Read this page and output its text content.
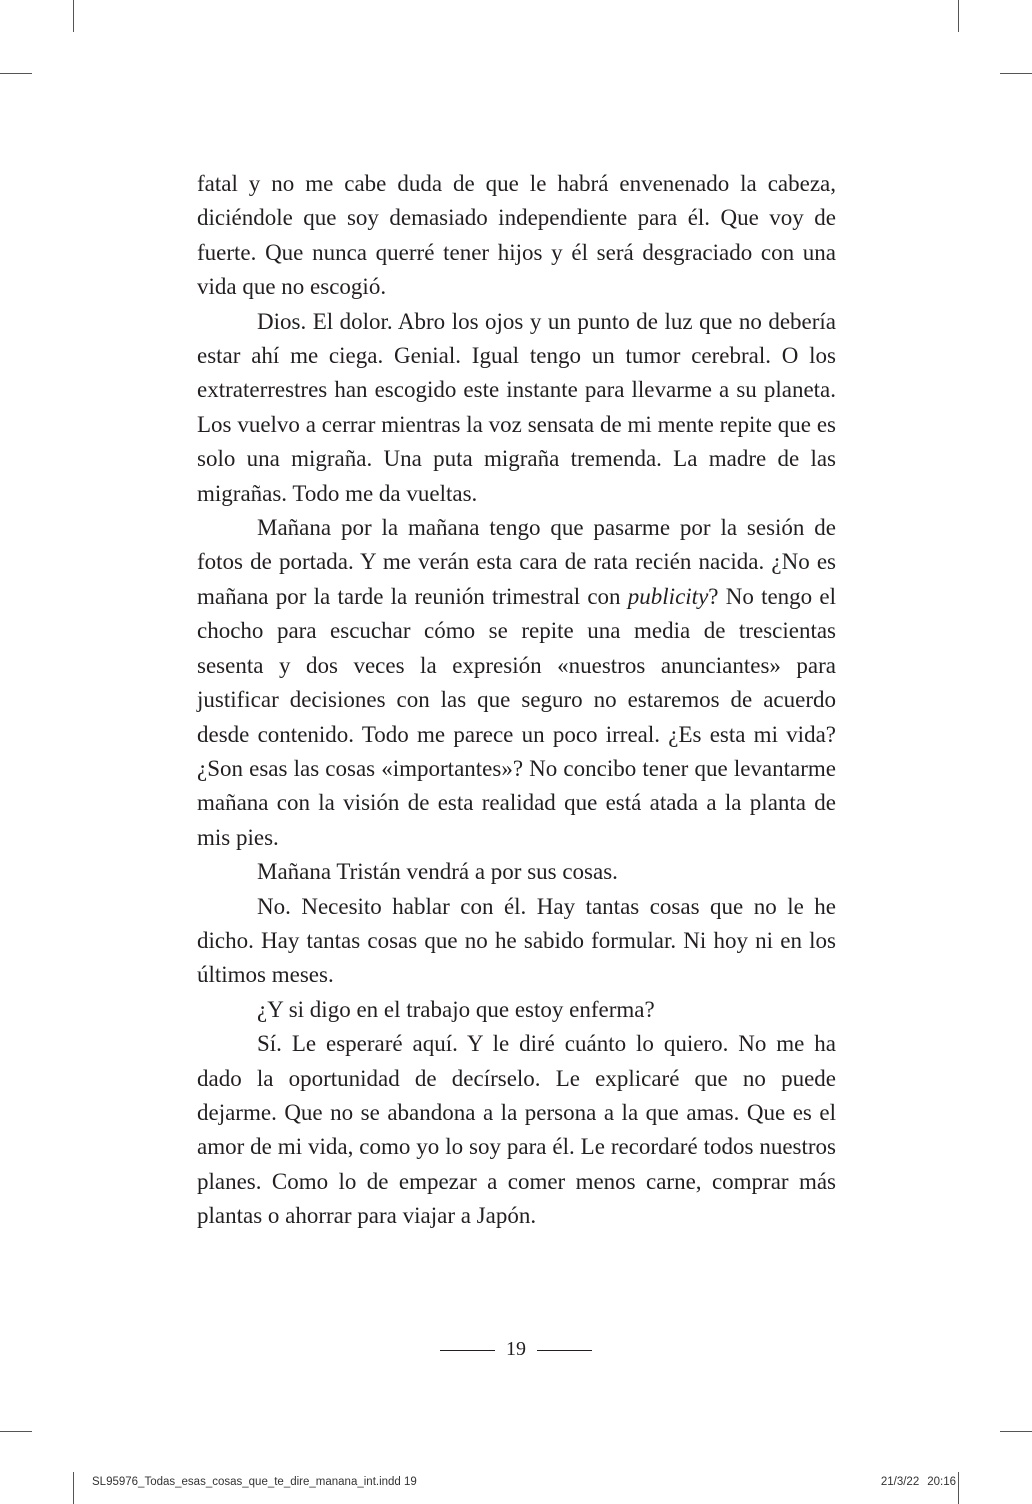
fatal y no me cabe duda de que le habrá envenenado la cabeza, diciéndole que soy demasiado independiente para él. Que voy de fuerte. Que nunca querré tener hijos y él será desgraciado con una vida que no escogió.

Dios. El dolor. Abro los ojos y un punto de luz que no debería estar ahí me ciega. Genial. Igual tengo un tumor cerebral. O los extraterrestres han escogido este instante para llevarme a su planeta. Los vuelvo a cerrar mientras la voz sensata de mi mente repite que es solo una migraña. Una puta migraña tremenda. La madre de las migrañas. Todo me da vueltas.

Mañana por la mañana tengo que pasarme por la sesión de fotos de portada. Y me verán esta cara de rata recién nacida. ¿No es mañana por la tarde la reunión trimestral con publicity? No tengo el chocho para escuchar cómo se repite una media de trescientas sesenta y dos veces la expresión «nuestros anunciantes» para justificar decisiones con las que seguro no estaremos de acuerdo desde contenido. Todo me parece un poco irreal. ¿Es esta mi vida? ¿Son esas las cosas «importantes»? No concibo tener que levantarme mañana con la visión de esta realidad que está atada a la planta de mis pies.

Mañana Tristán vendrá a por sus cosas.

No. Necesito hablar con él. Hay tantas cosas que no le he dicho. Hay tantas cosas que no he sabido formular. Ni hoy ni en los últimos meses.

¿Y si digo en el trabajo que estoy enferma?

Sí. Le esperaré aquí. Y le diré cuánto lo quiero. No me ha dado la oportunidad de decírselo. Le explicaré que no puede dejarme. Que no se abandona a la persona a la que amas. Que es el amor de mi vida, como yo lo soy para él. Le recordaré todos nuestros planes. Como lo de empezar a comer menos carne, comprar más plantas o ahorrar para viajar a Japón.

19
SL95976_Todas_esas_cosas_que_te_dire_manana_int.indd 19	21/3/22 20:16
